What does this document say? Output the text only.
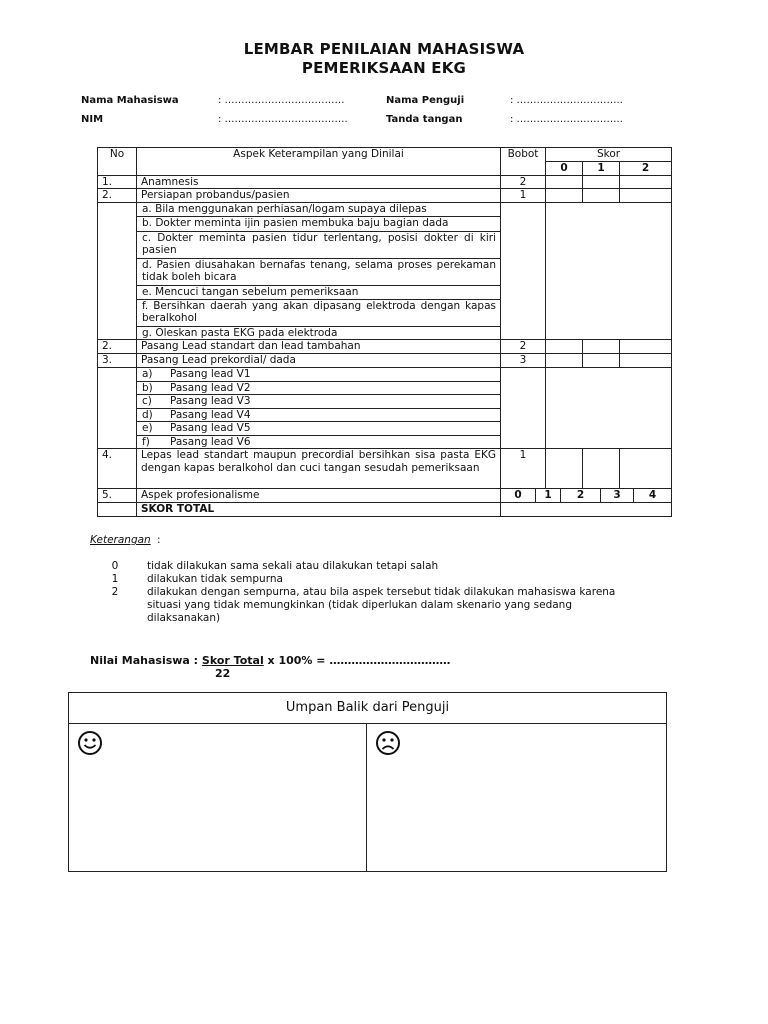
LEMBAR PENILAIAN MAHASISWA
PEMERIKSAAN EKG
Nama Mahasiswa	: ………………………………
NIM	: ……………………………….
Nama Penguji	: …………………………..
Tanda tangan	: …………………………..
No	Aspek Keterampilan yang Dinilai	Bobot		Skor					
				0		1		2	
1.	Anamnesis	2							
2.	Persiapan probandus/pasien	1							
	a. Bila menggunakan perhiasan/logam supaya dilepas								
	b. Dokter meminta ijin pasien membuka baju bagian dada								
	c. Dokter meminta pasien tidur terlentang, posisi dokter di kiri pasien								
	d. Pasien diusahakan bernafas tenang, selama proses perekaman tidak boleh bicara								
	e. Mencuci tangan sebelum pemeriksaan								
	f. Bersihkan daerah yang akan dipasang elektroda dengan kapas beralkohol								
	g. Oleskan pasta EKG pada elektroda								
2.	Pasang Lead standart dan lead tambahan	2							
3.	Pasang Lead prekordial/ dada	3							
	a) Pasang lead V1								
	b) Pasang lead V2								
	c) Pasang lead V3								
	d) Pasang lead V4								
	e) Pasang lead V5								
	f) Pasang lead V6								
4.	Lepas lead standart maupun precordial bersihkan sisa pasta EKG dengan kapas beralkohol dan cuci tangan sesudah pemeriksaan	1							
5.	Aspek profesionalisme	0	1		2		3		4
	SKOR TOTAL								
Keterangan :
0	tidak dilakukan sama sekali atau dilakukan tetapi salah
1	dilakukan tidak sempurna
2	dilakukan dengan sempurna, atau bila aspek tersebut tidak dilakukan mahasiswa karena situasi yang tidak memungkinkan (tidak diperlukan dalam skenario yang sedang dilaksanakan)
Nilai Mahasiswa : Skor Total x 100% = ……………………………
22
Umpan Balik dari Penguji
